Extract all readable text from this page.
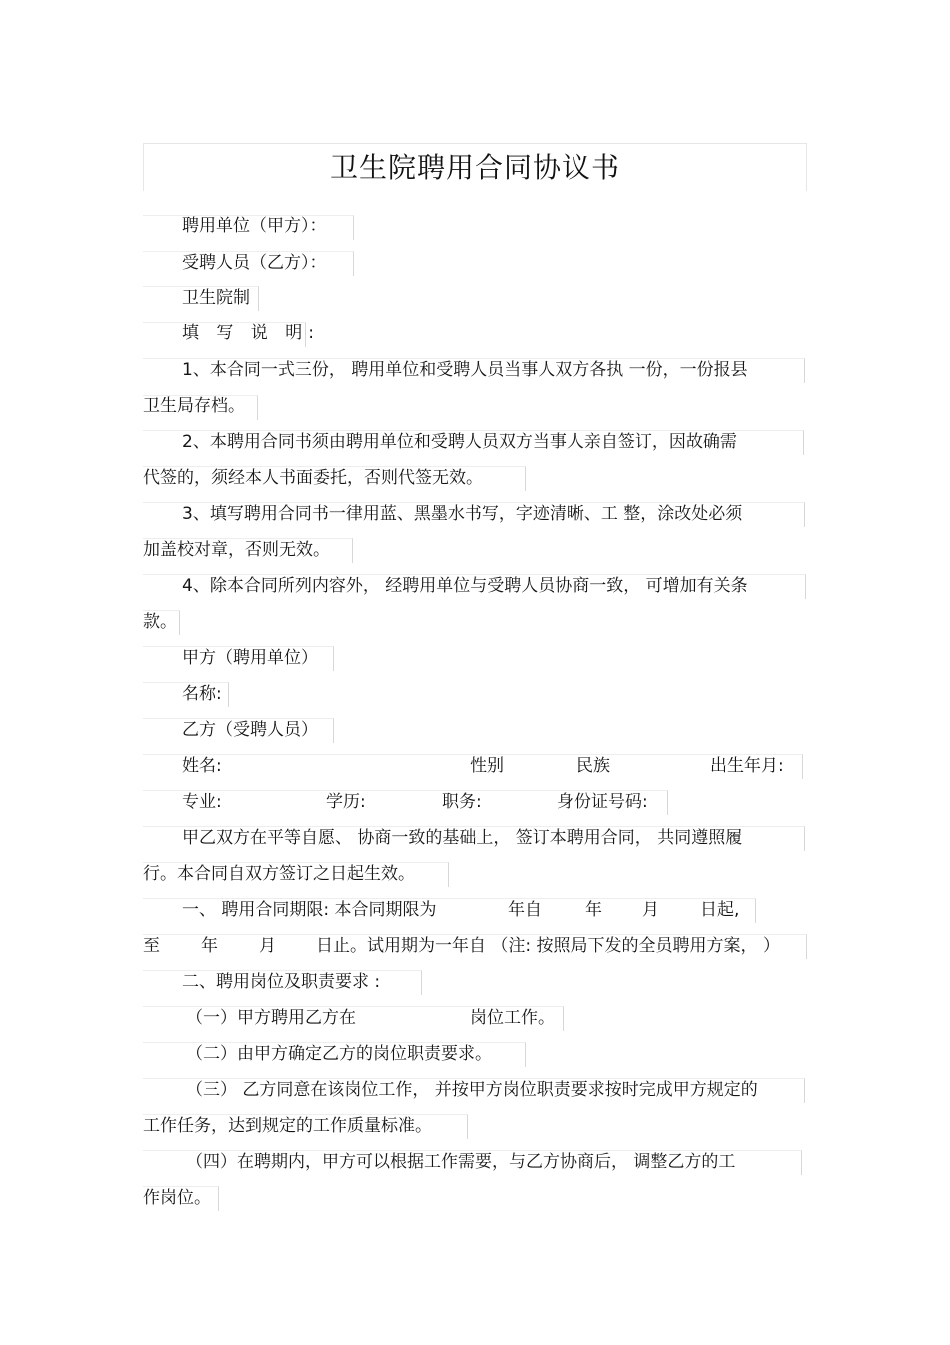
卫生院聘用合同协议书
聘用单位（甲方）：
受聘人员（乙方）：
卫生院制
填 写 说 明:
1、本合同一式三份， 聘用单位和受聘人员当事人双方各执 一份，一份报县
卫生局存档。
2、本聘用合同书须由聘用单位和受聘人员双方当事人亲自签订，因故确需
代签的，须经本人书面委托，否则代签无效。
3、填写聘用合同书一律用蓝、黑墨水书写，字迹清晰、工 整，涂改处必须
加盖校对章，否则无效。
4、除本合同所列内容外， 经聘用单位与受聘人员协商一致， 可增加有关条
款。
甲方（聘用单位）
名称:
乙方（受聘人员）
姓名:	性别	民族	出生年月:
专业:	学历:	职务:	身份证号码:
甲乙双方在平等自愿、 协商一致的基础上， 签订本聘用合同， 共同遵照履
行。本合同自双方签订之日起生效。
一、 聘用合同期限: 本合同期限为	年自	年 月 日起,
至 年 月 日止。试用期为一年自 （注: 按照局下发的全员聘用方案， ）
二、聘用岗位及职责要求 :
（一）甲方聘用乙方在	岗位工作。
（二）由甲方确定乙方的岗位职责要求。
（三） 乙方同意在该岗位工作， 并按甲方岗位职责要求按时完成甲方规定的
工作任务，达到规定的工作质量标准。
（四）在聘期内，甲方可以根据工作需要，与乙方协商后， 调整乙方的工
作岗位。
